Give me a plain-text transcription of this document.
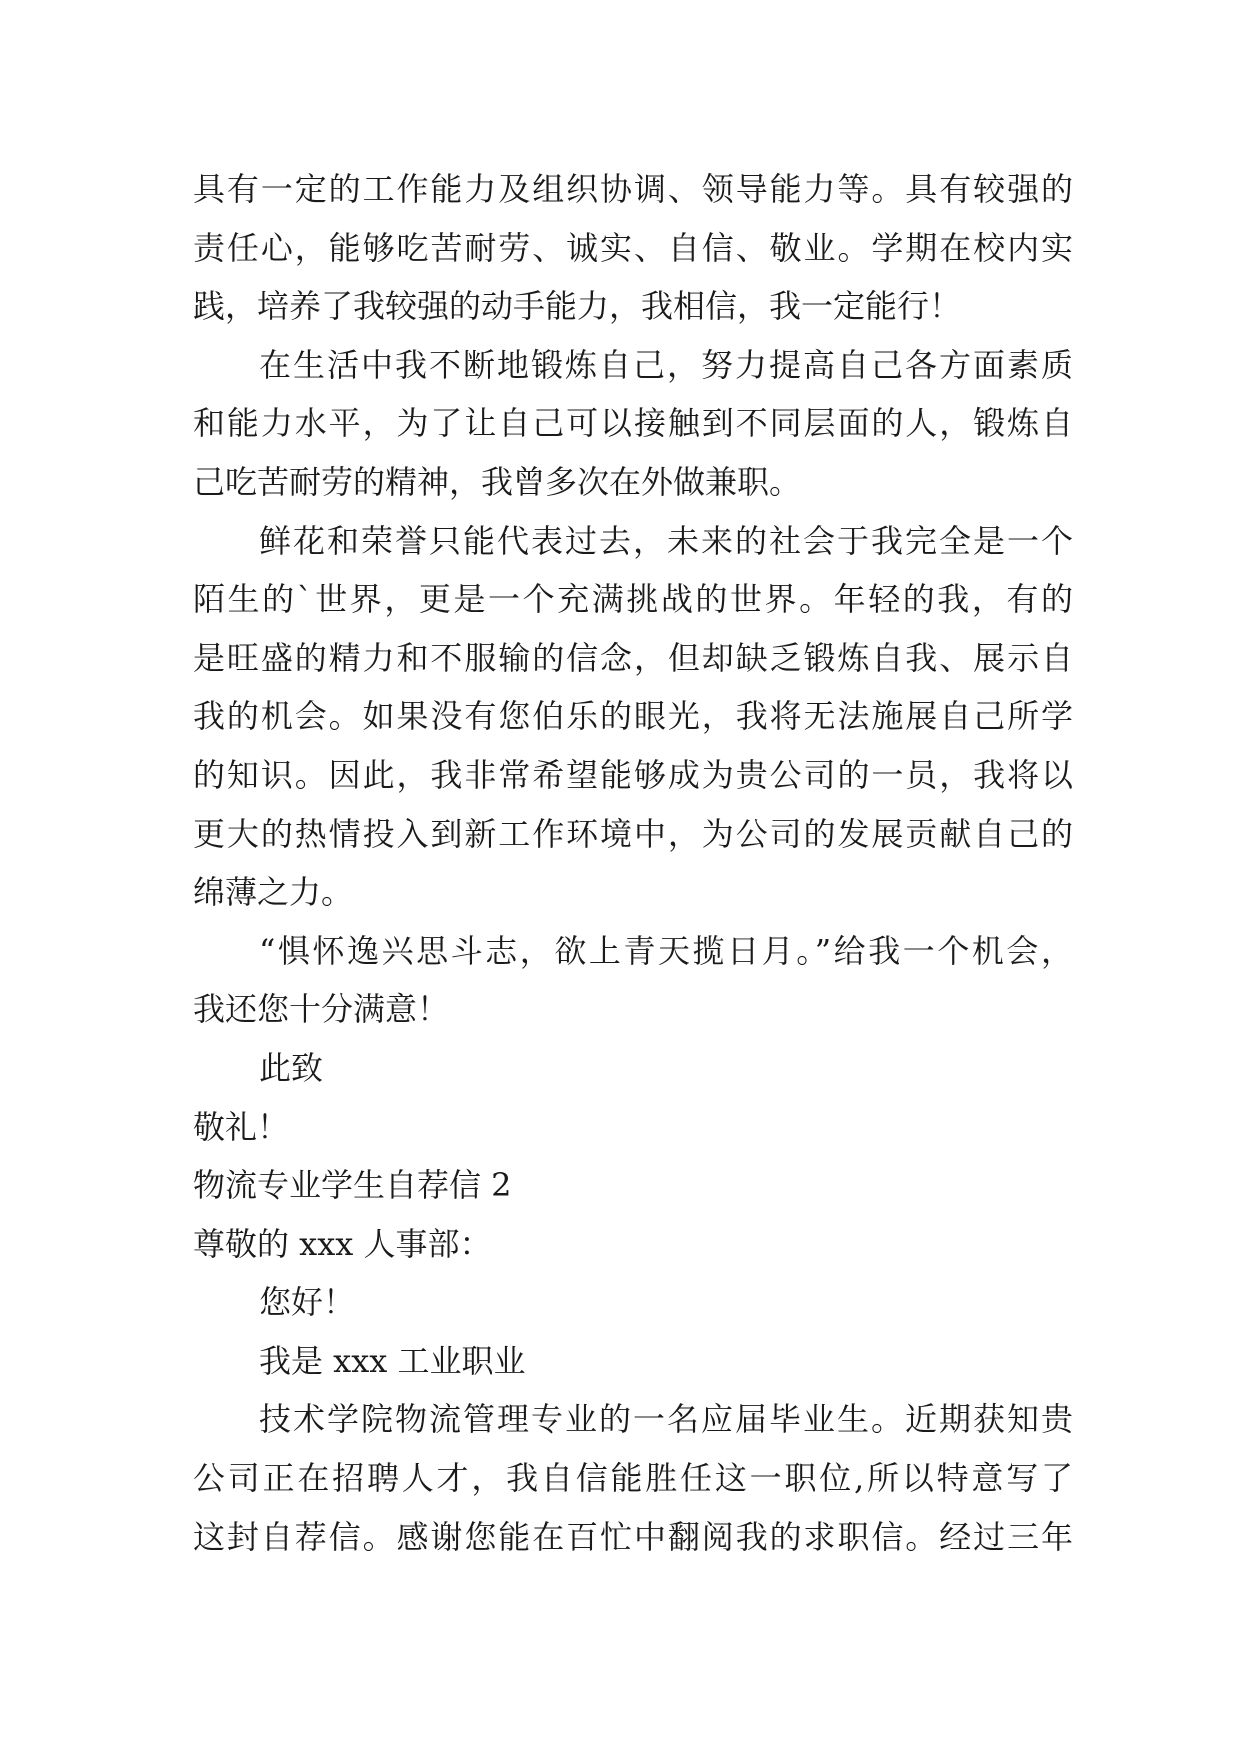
具有一定的工作能力及组织协调、领导能力等。具有较强的
责任心，能够吃苦耐劳、诚实、自信、敬业。学期在校内实
践，培养了我较强的动手能力，我相信，我一定能行！
在生活中我不断地锻炼自己，努力提高自己各方面素质
和能力水平，为了让自己可以接触到不同层面的人，锻炼自
己吃苦耐劳的精神，我曾多次在外做兼职。
鲜花和荣誉只能代表过去，未来的社会于我完全是一个
陌生的`世界，更是一个充满挑战的世界。年轻的我，有的
是旺盛的精力和不服输的信念，但却缺乏锻炼自我、展示自
我的机会。如果没有您伯乐的眼光，我将无法施展自己所学
的知识。因此，我非常希望能够成为贵公司的一员，我将以
更大的热情投入到新工作环境中，为公司的发展贡献自己的
绵薄之力。
“惧怀逸兴思斗志，欲上青天揽日月。”给我一个机会，
我还您十分满意！
此致
敬礼！
物流专业学生自荐信 2
尊敬的 xxx 人事部：
您好！
我是 xxx 工业职业
技术学院物流管理专业的一名应届毕业生。近期获知贵
公司正在招聘人才，我自信能胜任这一职位,所以特意写了
这封自荐信。感谢您能在百忙中翻阅我的求职信。经过三年
